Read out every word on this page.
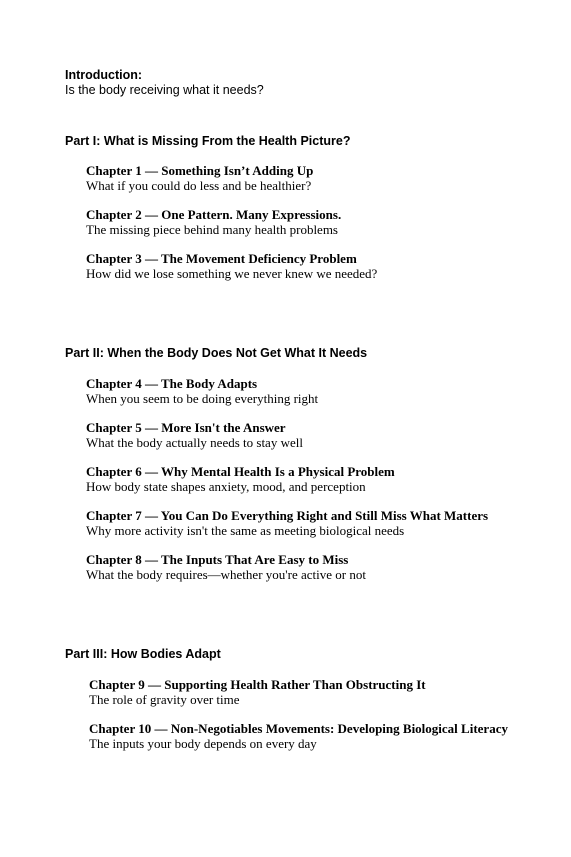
Introduction:
Is the body receiving what it needs?
Part I: What is Missing From the Health Picture?
Chapter 1 — Something Isn’t Adding Up
What if you could do less and be healthier?
Chapter 2 — One Pattern. Many Expressions.
The missing piece behind many health problems
Chapter 3 — The Movement Deficiency Problem
How did we lose something we never knew we needed?
Part II: When the Body Does Not Get What It Needs
Chapter 4 — The Body Adapts
When you seem to be doing everything right
Chapter 5 — More Isn't the Answer
What the body actually needs to stay well
Chapter 6 — Why Mental Health Is a Physical Problem
How body state shapes anxiety, mood, and perception
Chapter 7 — You Can Do Everything Right and Still Miss What Matters
Why more activity isn't the same as meeting biological needs
Chapter 8 — The Inputs That Are Easy to Miss
What the body requires—whether you're active or not
Part III: How Bodies Adapt
Chapter 9 — Supporting Health Rather Than Obstructing It
The role of gravity over time
Chapter 10 — Non-Negotiables Movements: Developing Biological Literacy
The inputs your body depends on every day
